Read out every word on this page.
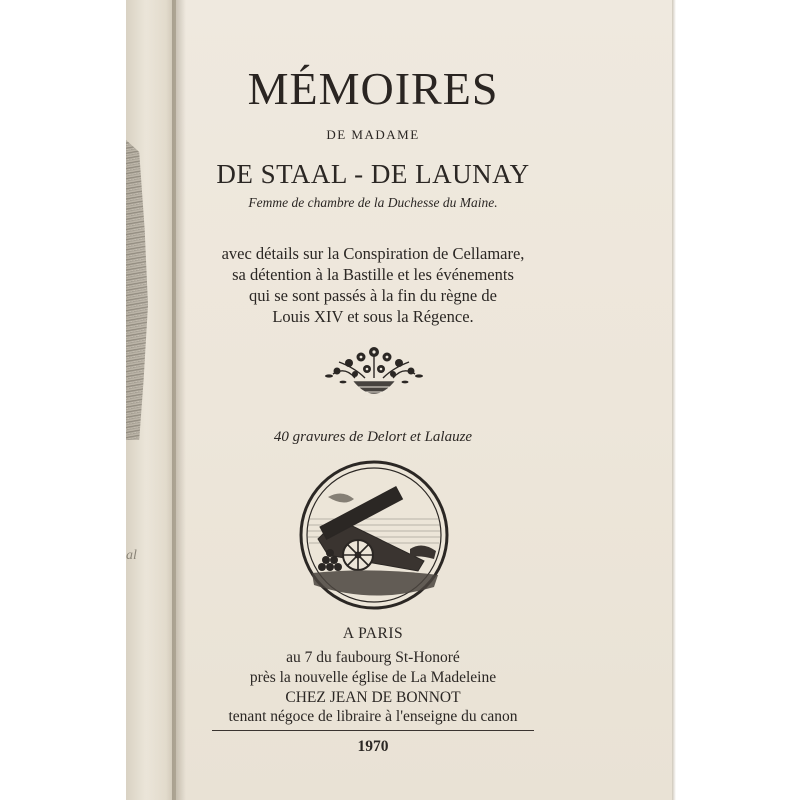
al
MÉMOIRES
DE MADAME
DE STAAL - DE LAUNAY
Femme de chambre de la Duchesse du Maine.
avec détails sur la Conspiration de Cellamare,
sa détention à la Bastille et les événements
qui se sont passés à la fin du règne de
Louis XIV et sous la Régence.
40 gravures de Delort et Lalauze
A PARIS
au 7 du faubourg St-Honoré
près la nouvelle église de La Madeleine
CHEZ JEAN DE BONNOT
tenant négoce de libraire à l'enseigne du canon
1970
